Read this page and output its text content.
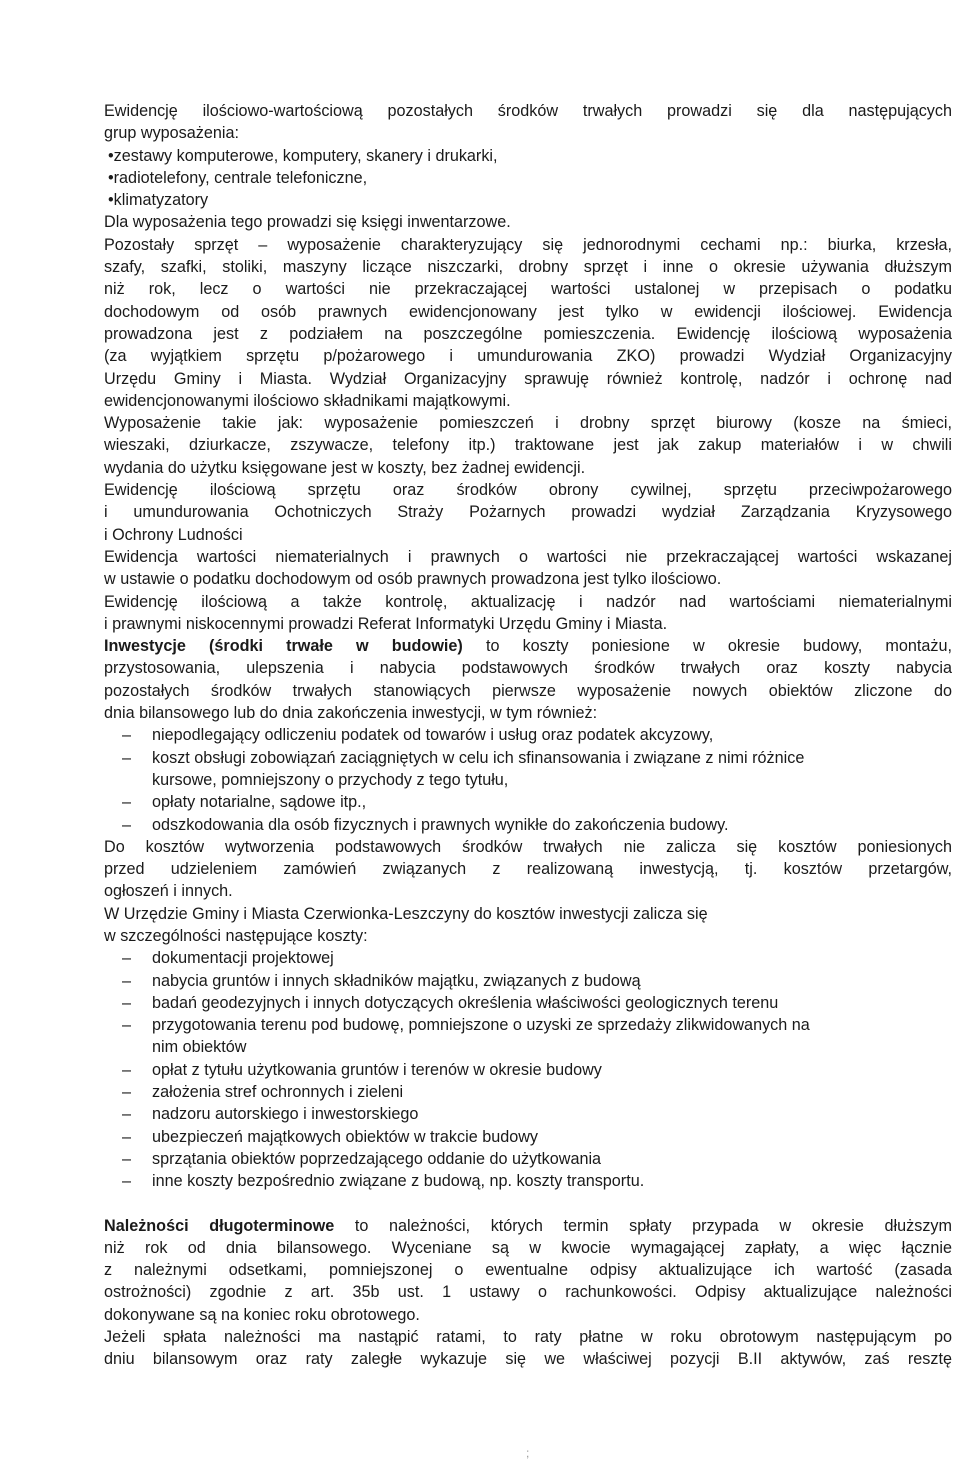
Ewidencję ilościowo-wartościową pozostałych środków trwałych prowadzi się dla następujących

grup wyposażenia:

•zestawy komputerowe, komputery, skanery i drukarki,

•radiotelefony, centrale telefoniczne,

•klimatyzatory

Dla wyposażenia tego prowadzi się księgi inwentarzowe.

Pozostały sprzęt – wyposażenie charakteryzujący się jednorodnymi cechami np.: biurka, krzesła,

szafy, szafki, stoliki, maszyny liczące niszczarki, drobny sprzęt i inne o okresie używania dłuższym

niż rok, lecz o wartości nie przekraczającej wartości ustalonej w przepisach o podatku

dochodowym od osób prawnych ewidencjonowany jest tylko w ewidencji ilościowej. Ewidencja

prowadzona jest z podziałem na poszczególne pomieszczenia. Ewidencję ilościową wyposażenia

(za wyjątkiem sprzętu p/pożarowego i umundurowania ZKO) prowadzi Wydział Organizacyjny

Urzędu Gminy i Miasta. Wydział Organizacyjny sprawuję również kontrolę, nadzór i ochronę nad

ewidencjonowanymi ilościowo składnikami majątkowymi.

Wyposażenie takie jak: wyposażenie pomieszczeń i drobny sprzęt biurowy (kosze na śmieci,

wieszaki, dziurkacze, zszywacze, telefony itp.) traktowane jest jak zakup materiałów i w chwili

wydania do użytku księgowane jest w koszty, bez żadnej ewidencji.

Ewidencję ilościową sprzętu oraz środków obrony cywilnej, sprzętu przeciwpożarowego

i umundurowania Ochotniczych Straży Pożarnych prowadzi wydział Zarządzania Kryzysowego

i Ochrony Ludności

Ewidencja wartości niematerialnych i prawnych o wartości nie przekraczającej wartości wskazanej

w ustawie o podatku dochodowym od osób prawnych prowadzona jest tylko ilościowo.

Ewidencję ilościową a także kontrolę, aktualizację i nadzór nad wartościami niematerialnymi

i prawnymi niskocennymi prowadzi Referat Informatyki Urzędu Gminy i Miasta.

Inwestycje (środki trwałe w budowie) to koszty poniesione w okresie budowy, montażu,

przystosowania, ulepszenia i nabycia podstawowych środków trwałych oraz koszty nabycia

pozostałych środków trwałych stanowiących pierwsze wyposażenie nowych obiektów zliczone do

dnia bilansowego lub do dnia zakończenia inwestycji, w tym również:

– niepodlegający odliczeniu podatek od towarów i usług oraz podatek akcyzowy,

– koszt obsługi zobowiązań zaciągniętych w celu ich sfinansowania i związane z nimi różnice

kursowe, pomniejszony o przychody z tego tytułu,

– opłaty notarialne, sądowe itp.,

– odszkodowania dla osób fizycznych i prawnych wynikłe do zakończenia budowy.

Do kosztów wytworzenia podstawowych środków trwałych nie zalicza się kosztów poniesionych

przed udzieleniem zamówień związanych z realizowaną inwestycją, tj. kosztów przetargów,

ogłoszeń i innych.

W Urzędzie Gminy i Miasta Czerwionka-Leszczyny do kosztów inwestycji zalicza się

w szczególności następujące koszty:

– dokumentacji projektowej

– nabycia gruntów i innych składników majątku, związanych z budową

– badań geodezyjnych i innych dotyczących określenia właściwości geologicznych terenu

– przygotowania terenu pod budowę, pomniejszone o uzyski ze sprzedaży zlikwidowanych na

nim obiektów

– opłat z tytułu użytkowania gruntów i terenów w okresie budowy

– założenia stref ochronnych i zieleni

– nadzoru autorskiego i inwestorskiego

– ubezpieczeń majątkowych obiektów w trakcie budowy

– sprzątania obiektów poprzedzającego oddanie do użytkowania

– inne koszty bezpośrednio związane z budową, np. koszty transportu.

Należności długoterminowe to należności, których termin spłaty przypada w okresie dłuższym

niż rok od dnia bilansowego. Wyceniane są w kwocie wymagającej zapłaty, a więc łącznie

z należnymi odsetkami, pomniejszonej o ewentualne odpisy aktualizujące ich wartość (zasada

ostrożności) zgodnie z art. 35b ust. 1 ustawy o rachunkowości. Odpisy aktualizujące należności

dokonywane są na koniec roku obrotowego.

Jeżeli spłata należności ma nastąpić ratami, to raty płatne w roku obrotowym następującym po

dniu bilansowym oraz raty zaległe wykazuje się we właściwej pozycji B.II aktywów, zaś resztę

;
